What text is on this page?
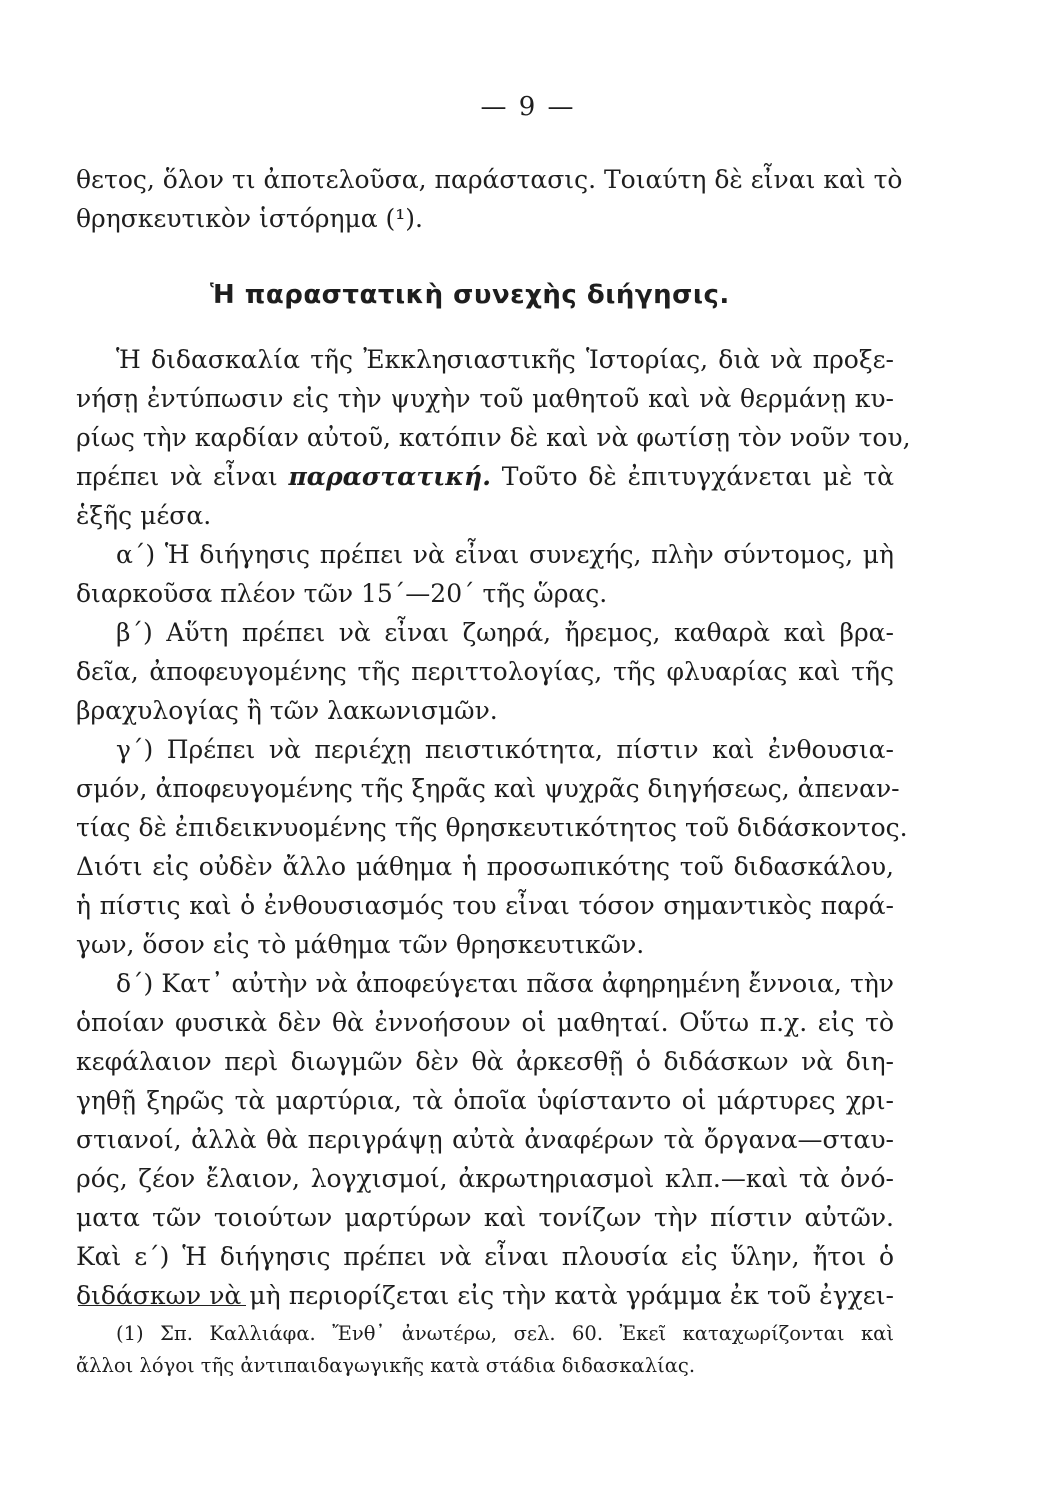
— 9 —
θετος, ὅλον τι ἀποτελοῦσα, παράστασις. Τοιαύτη δὲ εἶναι καὶ τὸ
θρησκευτικὸν ἱστόρημα (¹).
Ἡ παραστατικὴ συνεχὴς διήγησις.
Ἡ διδασκαλία τῆς Ἐκκλησιαστικῆς Ἱστορίας, διὰ νὰ προξε-
νήσῃ ἐντύπωσιν εἰς τὴν ψυχὴν τοῦ μαθητοῦ καὶ νὰ θερμάνῃ κυ-
ρίως τὴν καρδίαν αὐτοῦ, κατόπιν δὲ καὶ νὰ φωτίσῃ τὸν νοῦν του,
πρέπει νὰ εἶναι παραστατική. Τοῦτο δὲ ἐπιτυγχάνεται μὲ τὰ
ἑξῆς μέσα.
α΄) Ἡ διήγησις πρέπει νὰ εἶναι συνεχής, πλὴν σύντομος, μὴ
διαρκοῦσα πλέον τῶν 15΄—20΄ τῆς ὥρας.
β΄) Αὕτη πρέπει νὰ εἶναι ζωηρά, ἤρεμος, καθαρὰ καὶ βρα-
δεῖα, ἀποφευγομένης τῆς περιττολογίας, τῆς φλυαρίας καὶ τῆς
βραχυλογίας ἢ τῶν λακωνισμῶν.
γ΄) Πρέπει νὰ περιέχῃ πειστικότητα, πίστιν καὶ ἐνθουσια-
σμόν, ἀποφευγομένης τῆς ξηρᾶς καὶ ψυχρᾶς διηγήσεως, ἀπεναν-
τίας δὲ ἐπιδεικνυομένης τῆς θρησκευτικότητος τοῦ διδάσκοντος.
Διότι εἰς οὐδὲν ἄλλο μάθημα ἡ προσωπικότης τοῦ διδασκάλου,
ἡ πίστις καὶ ὁ ἐνθουσιασμός του εἶναι τόσον σημαντικὸς παρά-
γων, ὅσον εἰς τὸ μάθημα τῶν θρησκευτικῶν.
δ΄) Κατ᾽ αὐτὴν νὰ ἀποφεύγεται πᾶσα ἀφηρημένη ἔννοια, τὴν
ὁποίαν φυσικὰ δὲν θὰ ἐννοήσουν οἱ μαθηταί. Οὕτω π.χ. εἰς τὸ
κεφάλαιον περὶ διωγμῶν δὲν θὰ ἀρκεσθῇ ὁ διδάσκων νὰ διη-
γηθῇ ξηρῶς τὰ μαρτύρια, τὰ ὁποῖα ὑφίσταντο οἱ μάρτυρες χρι-
στιανοί, ἀλλὰ θὰ περιγράψῃ αὐτὰ ἀναφέρων τὰ ὄργανα—σταυ-
ρός, ζέον ἔλαιον, λογχισμοί, ἀκρωτηριασμοὶ κλπ.—καὶ τὰ ὀνό-
ματα τῶν τοιούτων μαρτύρων καὶ τονίζων τὴν πίστιν αὐτῶν.
Καὶ ε΄) Ἡ διήγησις πρέπει νὰ εἶναι πλουσία εἰς ὕλην, ἤτοι ὁ
διδάσκων νὰ μὴ περιορίζεται εἰς τὴν κατὰ γράμμα ἐκ τοῦ ἐγχει-
(1) Σπ. Καλλιάφα. Ἔνθ᾽ ἀνωτέρω, σελ. 60. Ἐκεῖ καταχωρίζονται καὶ
ἄλλοι λόγοι τῆς ἀντιπαιδαγωγικῆς κατὰ στάδια διδασκαλίας.
